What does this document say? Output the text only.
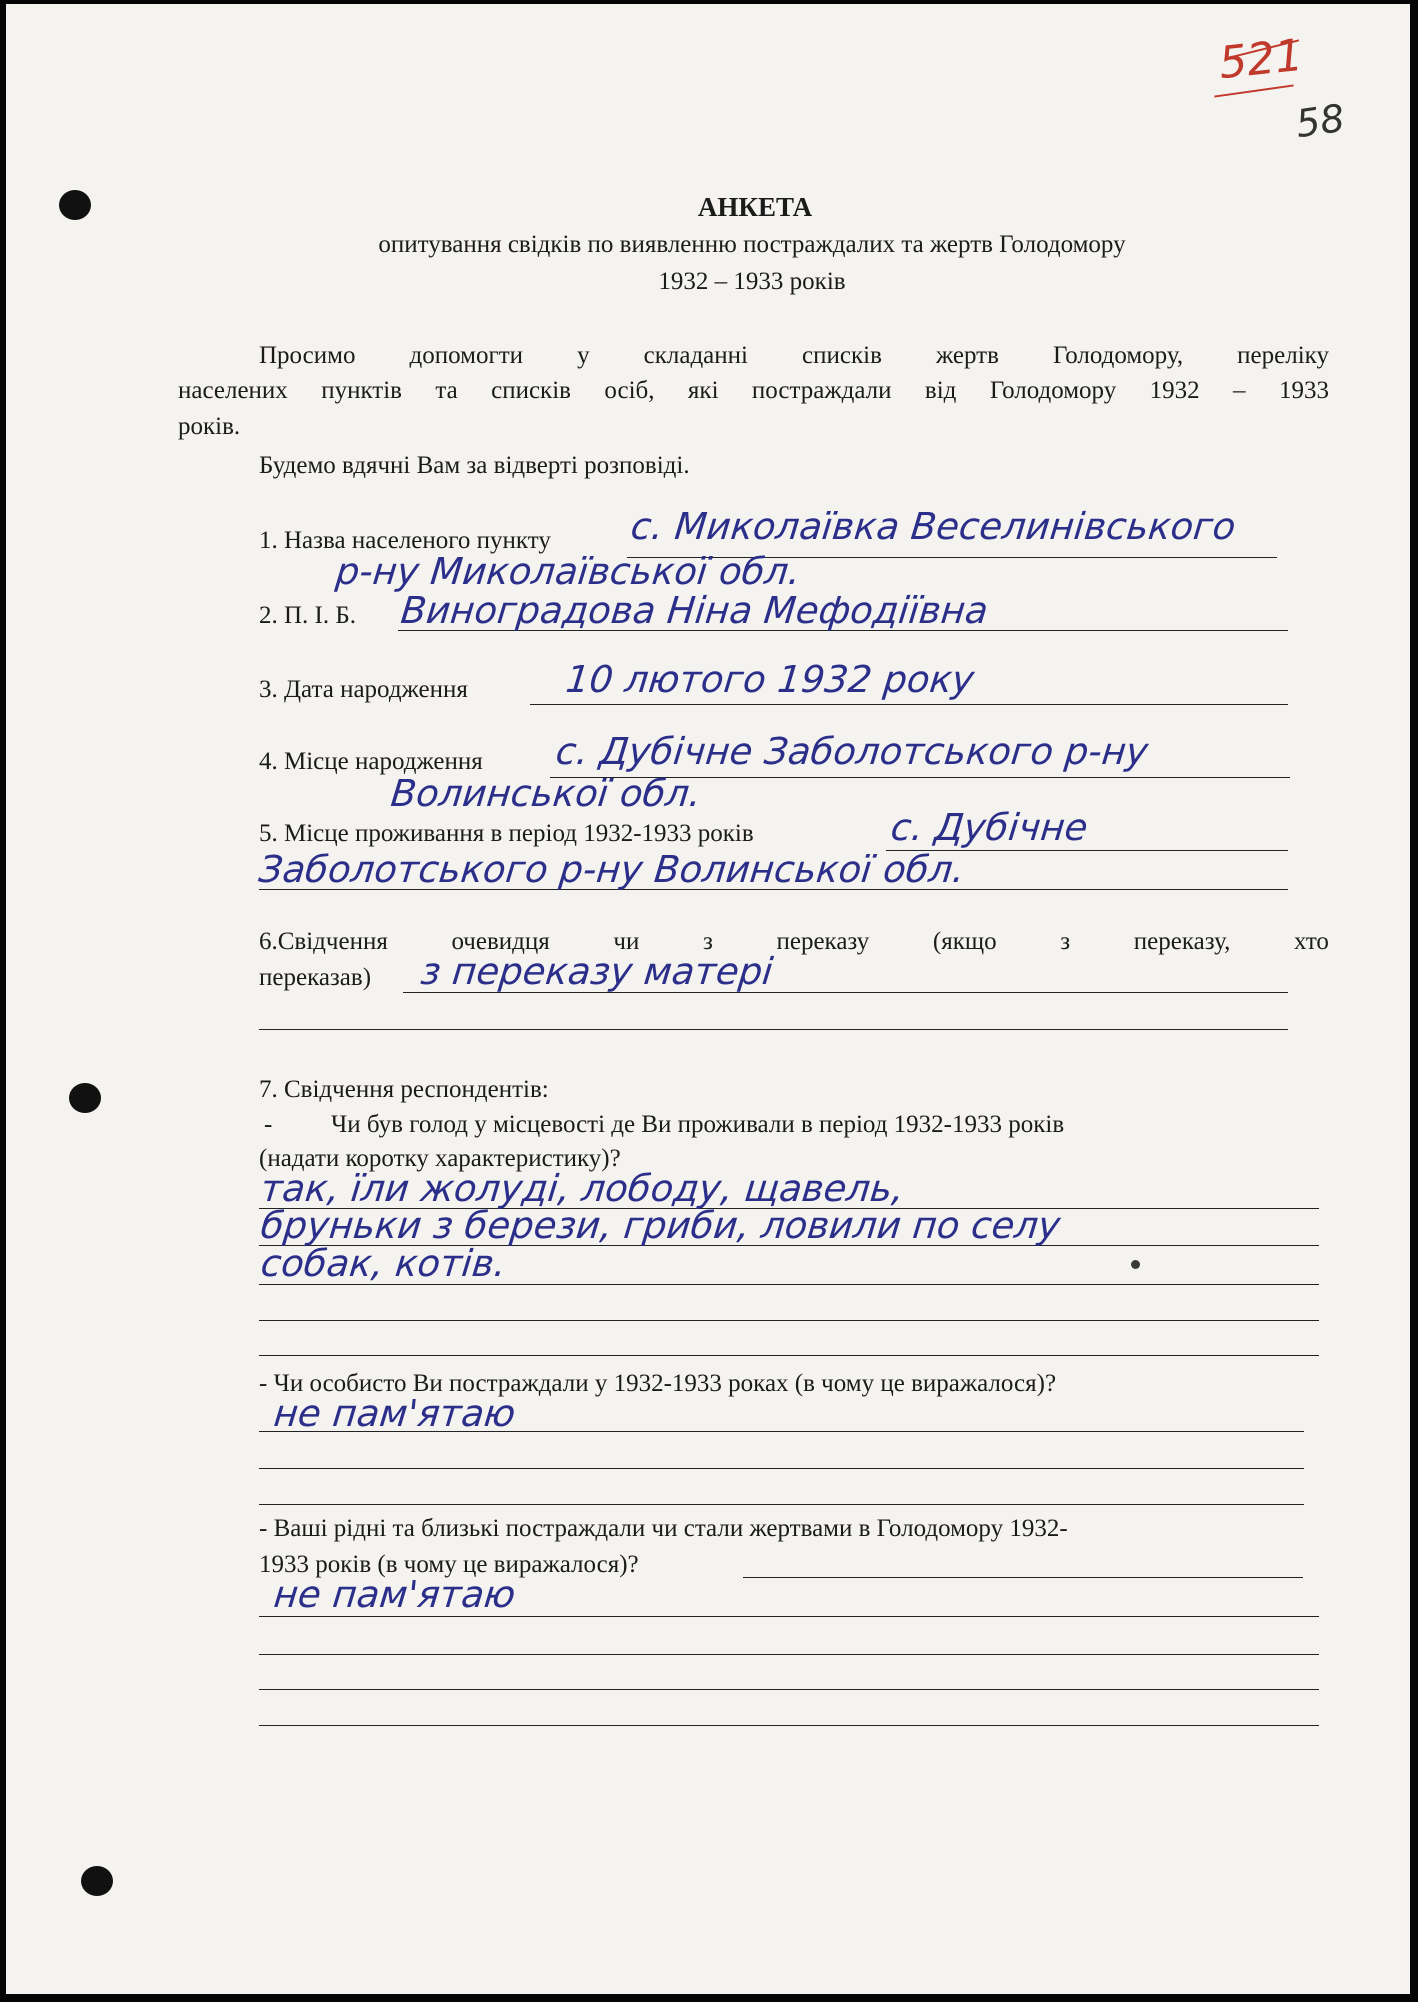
521
58
АНКЕТА
опитування свідків по виявленню постраждалих та жертв Голодомору
1932 – 1933 років
Просимо допомогти у складанні списків жертв Голодомору, переліку
населених пунктів та списків осіб, які постраждали від Голодомору 1932 – 1933
років.
Будемо вдячні Вам за відверті розповіді.
1. Назва населеного пункту с. Миколаївка Веселинівського
р-ну Миколаївської обл.
2. П. І. Б. Виноградова Ніна Мефодіївна
3. Дата народження	10 лютого 1932 року
4. Місце народження с. Дубічне Заболотського р-ну
Волинської обл.
5. Місце проживання в період 1932-1933 років	с. Дубічне
Заболотського р-ну Волинської обл.
6.Свідчення	очевидця	чи	з	переказу	(якщо	з	переказу,	хто
переказав) з переказу матері
7. Свідчення респондентів:
- Чи був голод у місцевості де Ви проживали в період 1932-1933 років
(надати коротку характеристику)?
так, їли жолуді, лободу, щавель,
бруньки з берези, гриби, ловили по селу
собак, котів.
- Чи особисто Ви постраждали у 1932-1933 роках (в чому це виражалося)?
не пам'ятаю
- Ваші рідні та близькі постраждали чи стали жертвами в Голодомору 1932-
1933 років (в чому це виражалося)?
не пам'ятаю
